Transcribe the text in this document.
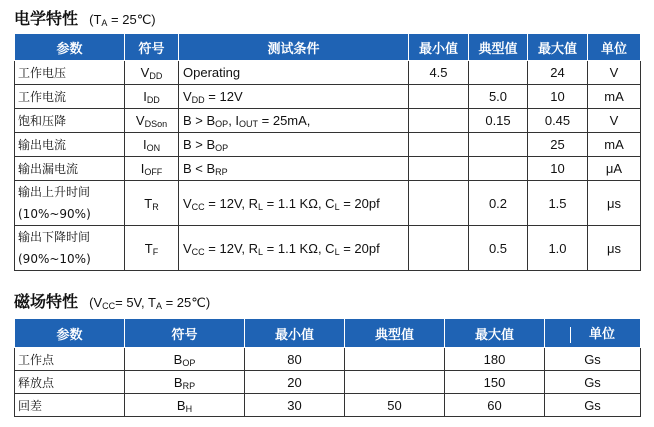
电学特性 ($T_A$ = 25℃)
参数	符号	测试条件	最小值	典型值	最大值	单位
工作电压	$V_{DD}$	Operating	4.5		24	V
工作电流	$I_{DD}$	$V_{DD} = 12V$		5.0	10	mA
饱和压降	$V_{DSon}$	$B > B_{OP}$, $I_{OUT} = 25mA$,		0.15	0.45	V
输出电流	$I_{ON}$	$B > B_{OP}$			25	mA
输出漏电流	$I_{OFF}$	$B < B_{RP}$			10	μA

输出上升时间
(10%~90%)	$T_R$	$V_{CC} = 12V$, $R_L = 1.1$ KΩ, $C_L = 20pf$		0.2	1.5	μs

输出下降时间
(90%~10%)	$T_F$	$V_{CC} = 12V$, $R_L = 1.1$ KΩ, $C_L = 20pf$		0.5	1.0	μs
磁场特性 ($V_{CC}= 5V$, $T_A$ = 25℃)
参数	符号	最小值	典型值	最大值	单位
工作点	$B_{OP}$	80		180	Gs
释放点	$B_{RP}$	20		150	Gs
回差	$B_H$	30	50	60	Gs
